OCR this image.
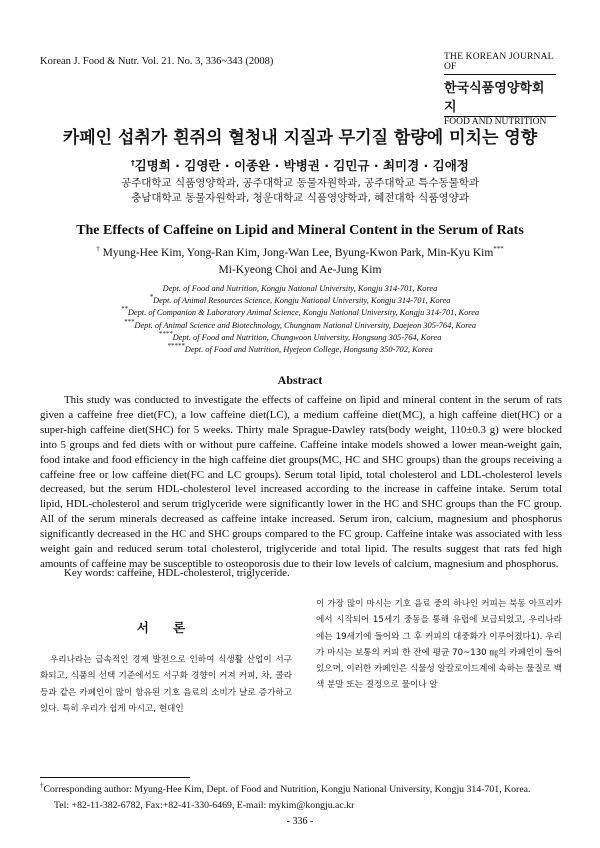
Korean J. Food & Nutr. Vol. 21. No. 3, 336~343 (2008)	THE KOREAN JOURNAL OF
한국식품영양학회지
FOOD AND NUTRITION
카페인 섭취가 흰쥐의 혈청내 지질과 무기질 함량에 미치는 영향
†김명희 · 김영란 · 이종완 · 박병권 · 김민규 · 최미경 · 김애정
공주대학교 식품영양학과, 공주대학교 동물자원학과, 공주대학교 특수동물학과
충남대학교 동물자원학과, 청운대학교 식품영양학과, 혜전대학 식품영양과
The Effects of Caffeine on Lipid and Mineral Content in the Serum of Rats
† Myung-Hee Kim, Yong-Ran Kim, Jong-Wan Lee, Byung-Kwon Park, Min-Kyu Kim***
Mi-Kyeong Choi and Ae-Jung Kim
Dept. of Food and Nutrition, Kongju National University, Kongju 314-701, Korea
*Dept. of Animal Resources Science, Kongju National University, Kongju 314-701, Korea
**Dept. of Companion & Laboratory Animal Science, Kongju National University, Kongju 314-701, Korea
***Dept. of Animal Science and Biotechnology, Chungnam National University, Daejeon 305-764, Korea
****Dept. of Food and Nutrition, Chungwoon University, Hongsung 305-764, Korea
*****Dept. of Food and Nutrition, Hyejeon College, Hongsung 350-702, Korea
Abstract
This study was conducted to investigate the effects of caffeine on lipid and mineral content in the serum of rats given a caffeine free diet(FC), a low caffeine diet(LC), a medium caffeine diet(MC), a high caffeine diet(HC) or a super-high caffeine diet(SHC) for 5 weeks. Thirty male Sprague-Dawley rats(body weight, 110±0.3 g) were blocked into 5 groups and fed diets with or without pure caffeine. Caffeine intake models showed a lower mean-weight gain, food intake and food efficiency in the high caffeine diet groups(MC, HC and SHC groups) than the groups receiving a caffeine free or low caffeine diet(FC and LC groups). Serum total lipid, total cholesterol and LDL-cholesterol levels decreased, but the serum HDL-cholesterol level increased according to the increase in caffeine intake. Serum total lipid, HDL-cholesterol and serum triglyceride were significantly lower in the HC and SHC groups than the FC group. All of the serum minerals decreased as caffeine intake increased. Serum iron, calcium, magnesium and phosphorus significantly decreased in the HC and SHC groups compared to the FC group. Caffeine intake was associated with less weight gain and reduced serum total cholesterol, triglyceride and total lipid. The results suggest that rats fed high amounts of caffeine may be susceptible to osteoporosis due to their low levels of calcium, magnesium and phosphorus.
Key words: caffeine, HDL-cholesterol, triglyceride.
서 론
우리나라는 급속적인 경제 발전으로 인하여 식생활 산업이 서구화되고, 식품의 선택 기준에서도 서구화 경향이 커져 커피, 차, 콜라 등과 같은 카페인이 많이 함유된 기호 음료의 소비가 날로 증가하고 있다. 특히 우리가 쉽게 마시고, 현대인
이 가장 많이 마시는 기호 음료 중의 하나인 커피는 북동 아프리카에서 시작되어 15세기 중동을 통해 유럽에 보급되었고, 우리나라에는 19세기에 들어와 그 후 커피의 대중화가 이루어졌다1). 우리가 마시는 보통의 커피 한 잔에 평균 70~130 ㎎의 카페인이 들어 있으며, 이러한 카페인은 식물성 알칼로이드계에 속하는 물질로 백색 분말 또는 결정으로 물이나 알
†Corresponding author: Myung-Hee Kim, Dept. of Food and Nutrition, Kongju National University, Kongju 314-701, Korea.
Tel: +82-11-382-6782, Fax:+82-41-330-6469, E-mail: mykim@kongju.ac.kr
- 336 -
